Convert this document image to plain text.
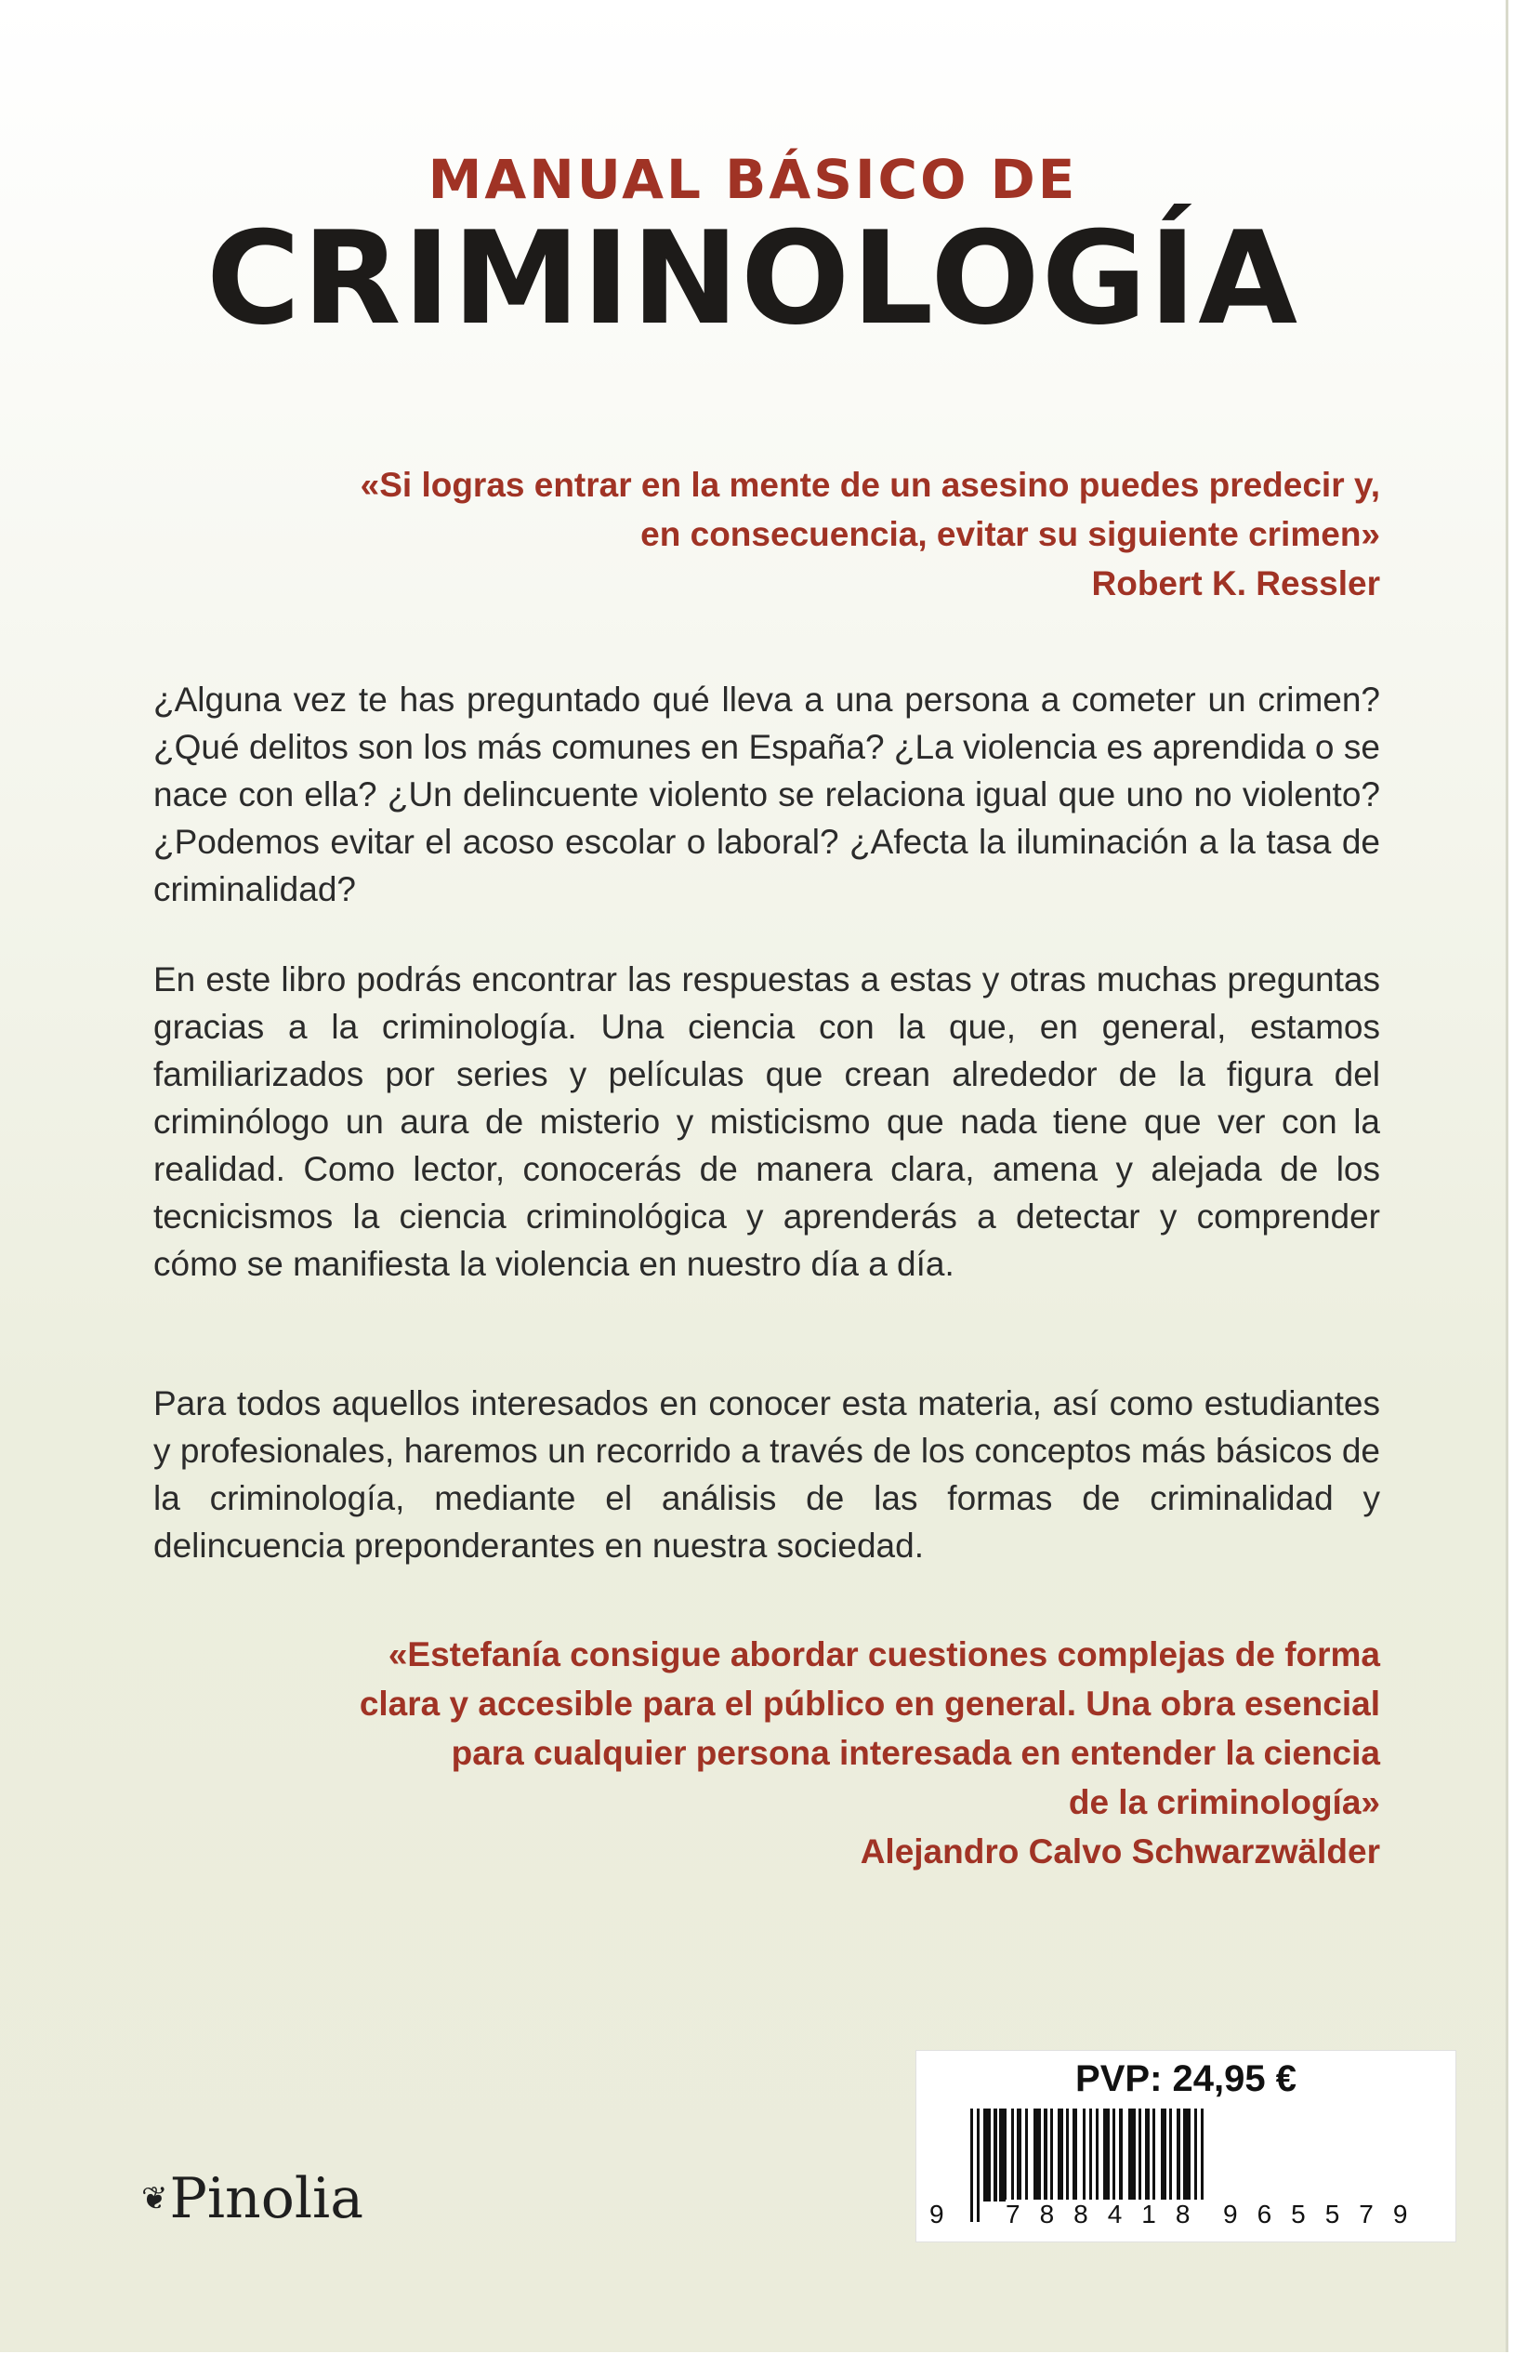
MANUAL BÁSICO DE
CRIMINOLOGÍA

«Si logras entrar en la mente de un asesino puedes predecir y,

en consecuencia, evitar su siguiente crimen»

Robert K. Ressler

¿Alguna vez te has preguntado qué lleva a una persona a cometer un crimen? ¿Qué delitos son los más comunes en España? ¿La violencia es aprendida o se nace con ella? ¿Un delincuente violento se relaciona igual que uno no violento? ¿Podemos evitar el acoso escolar o laboral? ¿Afecta la iluminación a la tasa de criminalidad?

En este libro podrás encontrar las respuestas a estas y otras muchas preguntas gracias a la criminología. Una ciencia con la que, en general, estamos familiarizados por series y películas que crean alrededor de la figura del criminólogo un aura de misterio y misticismo que nada tiene que ver con la realidad. Como lector, conocerás de manera clara, amena y alejada de los tecnicismos la ciencia criminológica y aprenderás a detectar y comprender cómo se manifiesta la violencia en nuestro día a día.

Para todos aquellos interesados en conocer esta materia, así como estudiantes y profesionales, haremos un recorrido a través de los conceptos más básicos de la criminología, mediante el análisis de las formas de criminalidad y delincuencia preponderantes en nuestra sociedad.

«Estefanía consigue abordar cuestiones complejas de forma

clara y accesible para el público en general. Una obra esencial

para cualquier persona interesada en entender la ciencia

de la criminología»

Alejandro Calvo Schwarzwälder

❦Pinolia
PVP: 24,95 €
9 788418 965579
